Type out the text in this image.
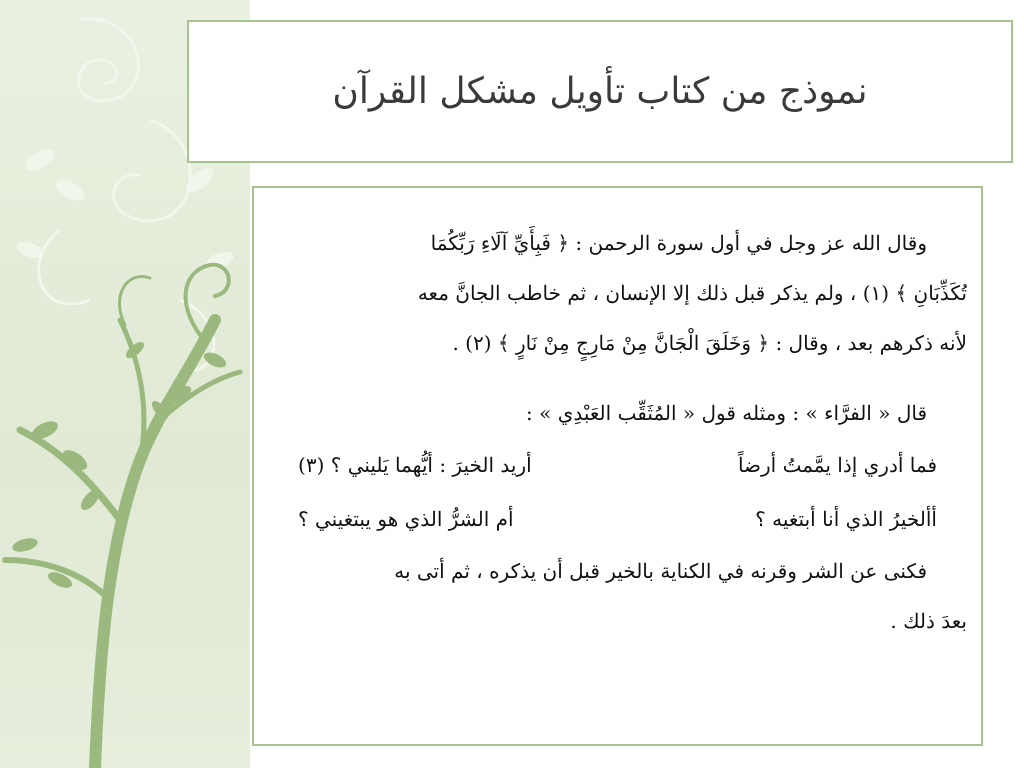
نموذج من كتاب تأويل مشكل القرآن
وقال الله عز وجل في أول سورة الرحمن : ﴿ فَبِأَيِّ آلَاءِ رَبِّكُمَا
تُكَذِّبَانِ ﴾ (١) ، ولم يذكر قبل ذلك إلا الإنسان ، ثم خاطب الجانَّ معه
لأنه ذكرهم بعد ، وقال : ﴿ وَخَلَقَ الْجَانَّ مِنْ مَارِجٍ مِنْ نَارٍ ﴾ (٢) .
قال « الفرَّاء » : ومثله قول « المُثَقِّب العَبْدِي » :
فما أدري إذا يمَّمتُ أرضاً
أريد الخيرَ : أيُّهما يَليني ؟ (٣)
أألخيرُ الذي أنا أبتغيه ؟
أم الشرُّ الذي هو يبتغيني ؟
فكنى عن الشر وقرنه في الكناية بالخير قبل أن يذكره ، ثم أتى به
بعدَ ذلك .
